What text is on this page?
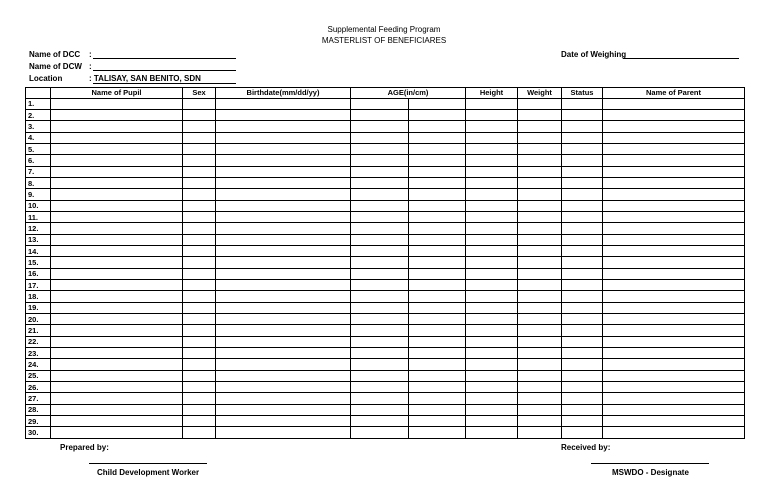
Supplemental Feeding Program
MASTERLIST OF BENEFICIARES
Name of DCC :
Name of DCW :
Location	: TALISAY, SAN BENITO, SDN
Date of Weighing
	Name of Pupil	Sex	Birthdate(mm/dd/yy)	AGE(in/cm)		Height	Weight	Status	Name of Parent
1.									
2.									
3.									
4.									
5.									
6.									
7.									
8.									
9.									
10.									
11.									
12.									
13.									
14.									
15.									
16.									
17.									
18.									
19.									
20.									
21.									
22.									
23.									
24.									
25.									
26.									
27.									
28.									
29.									
30.									
Prepared by:
Child Development Worker
Received by:
MSWDO - Designate
